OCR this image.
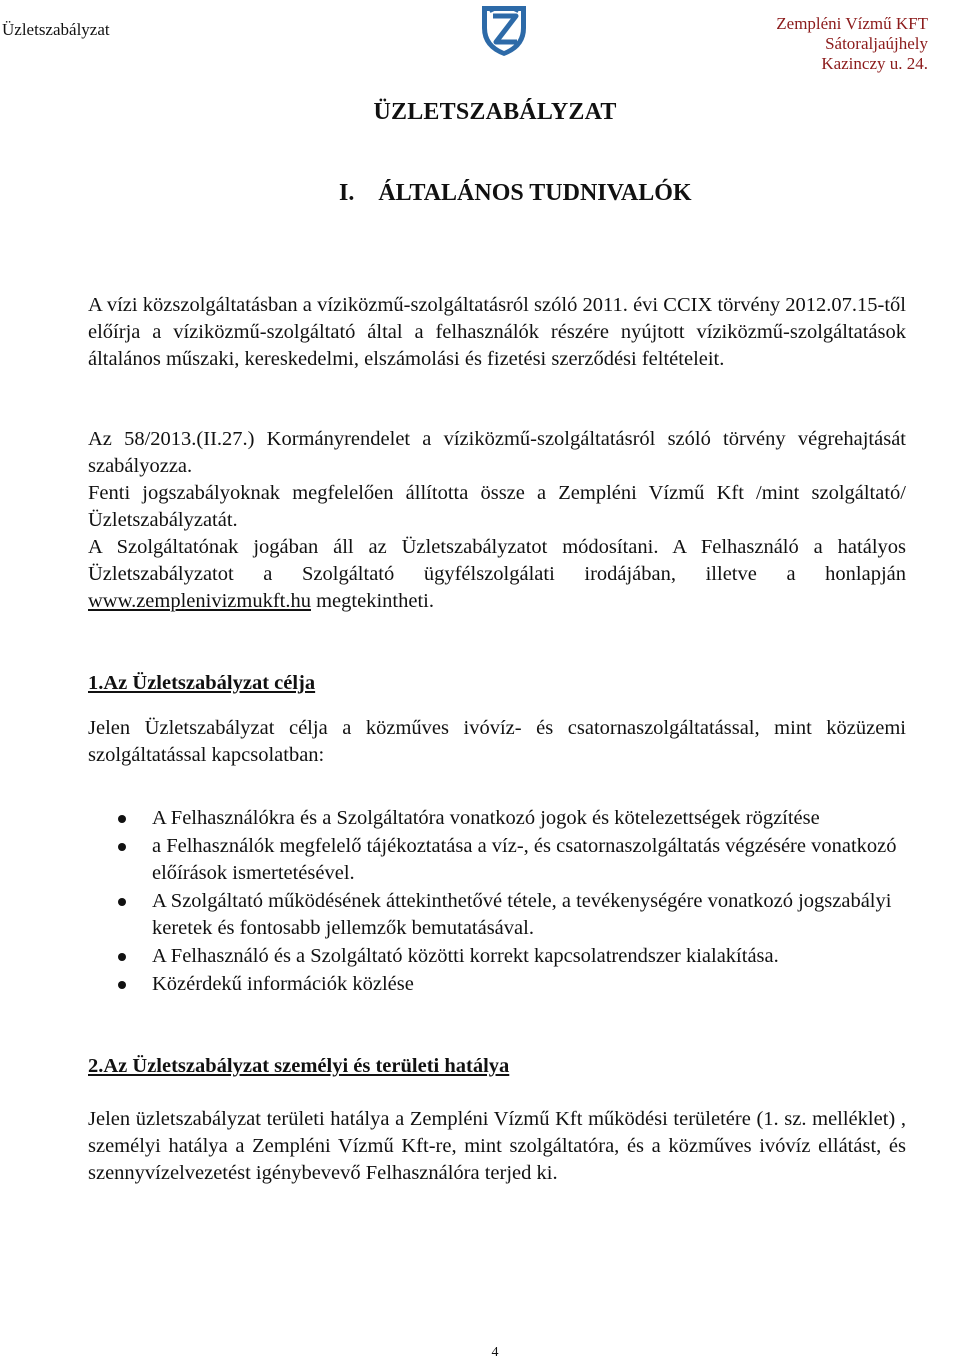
Üzletszabályzat	Zempléni Vízmű KFT
Sátoraljaújhely
Kazinczy u. 24.
ÜZLETSZABÁLYZAT
I. ÁLTALÁNOS TUDNIVALÓK
A vízi közszolgáltatásban a víziközmű-szolgáltatásról szóló 2011. évi CCIX törvény 2012.07.15-től előírja a víziközmű-szolgáltató által a felhasználók részére nyújtott víziközmű-szolgáltatások általános műszaki, kereskedelmi, elszámolási és fizetési szerződési feltételeit.
Az 58/2013.(II.27.) Kormányrendelet a víziközmű-szolgáltatásról szóló törvény végrehajtását szabályozza.
Fenti jogszabályoknak megfelelően állította össze a Zempléni Vízmű Kft /mint szolgáltató/ Üzletszabályzatát.
A Szolgáltatónak jogában áll az Üzletszabályzatot módosítani. A Felhasználó a hatályos Üzletszabályzatot a Szolgáltató ügyfélszolgálati irodájában, illetve a honlapján www.zemplenivizmukft.hu megtekintheti.
1.Az Üzletszabályzat célja
Jelen Üzletszabályzat célja a közműves ivóvíz- és csatornaszolgáltatással, mint közüzemi szolgáltatással kapcsolatban:
A Felhasználókra és a Szolgáltatóra vonatkozó jogok és kötelezettségek rögzítése
a Felhasználók megfelelő tájékoztatása a víz-, és csatornaszolgáltatás végzésére vonatkozó előírások ismertetésével.
A Szolgáltató működésének áttekinthetővé tétele, a tevékenységére vonatkozó jogszabályi keretek és fontosabb jellemzők bemutatásával.
A Felhasználó és a Szolgáltató közötti korrekt kapcsolatrendszer kialakítása.
Közérdekű információk közlése
2.Az Üzletszabályzat személyi és területi hatálya
Jelen üzletszabályzat területi hatálya a Zempléni Vízmű Kft működési területére (1. sz. melléklet) , személyi hatálya a Zempléni Vízmű Kft-re, mint szolgáltatóra, és a közműves ivóvíz ellátást, és szennyvízelvezetést igénybevevő Felhasználóra terjed ki.
4
